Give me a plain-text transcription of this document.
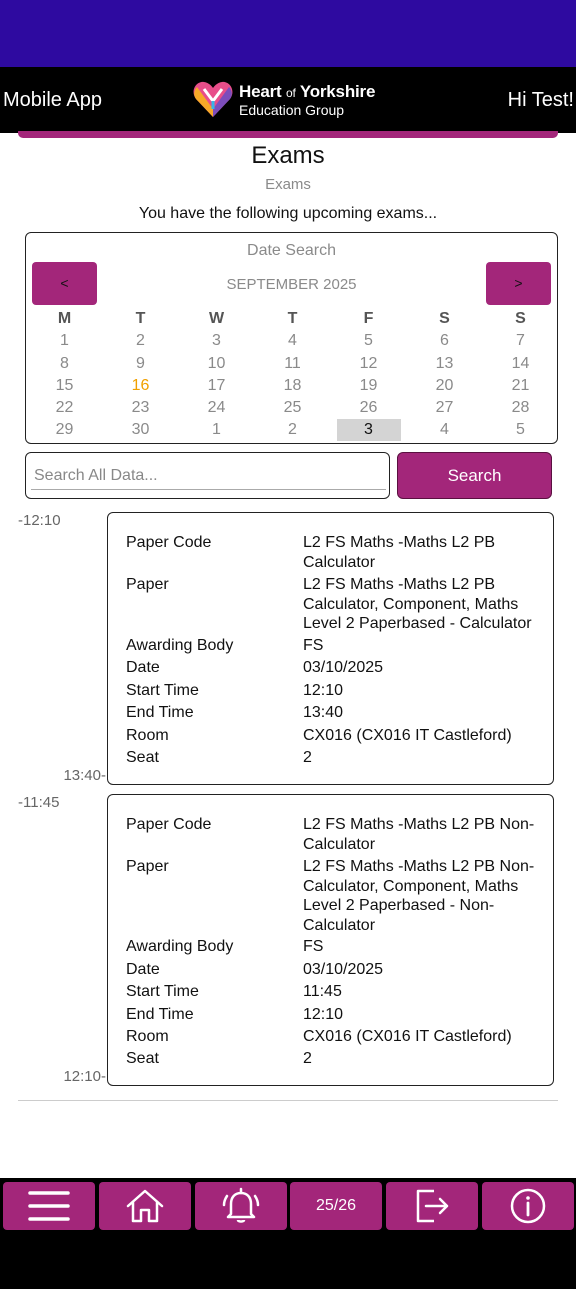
Mobile App	Heart of Yorkshire
Education Group	Hi Test!
Exams
Exams
You have the following upcoming exams...
Date Search
<	SEPTEMBER 2025	>
M	T	W	T	F	S	S
1	2	3	4	5	6	7
8	9	10	11	12	13	14
15	16	17	18	19	20	21
22	23	24	25	26	27	28
29	30	1	2	3	4	5
Search All Data...
Search
-12:10
13:40-
Paper Code	L2 FS Maths -Maths L2 PB Calculator
Paper	L2 FS Maths -Maths L2 PB Calculator, Component, Maths Level 2 Paperbased - Calculator
Awarding Body	FS
Date	03/10/2025
Start Time	12:10
End Time	13:40
Room	CX016 (CX016 IT Castleford)
Seat	2
-11:45
12:10-
Paper Code	L2 FS Maths -Maths L2 PB Non-Calculator
Paper	L2 FS Maths -Maths L2 PB Non-Calculator, Component, Maths Level 2 Paperbased - Non-Calculator
Awarding Body	FS
Date	03/10/2025
Start Time	11:45
End Time	12:10
Room	CX016 (CX016 IT Castleford)
Seat	2
25/26
